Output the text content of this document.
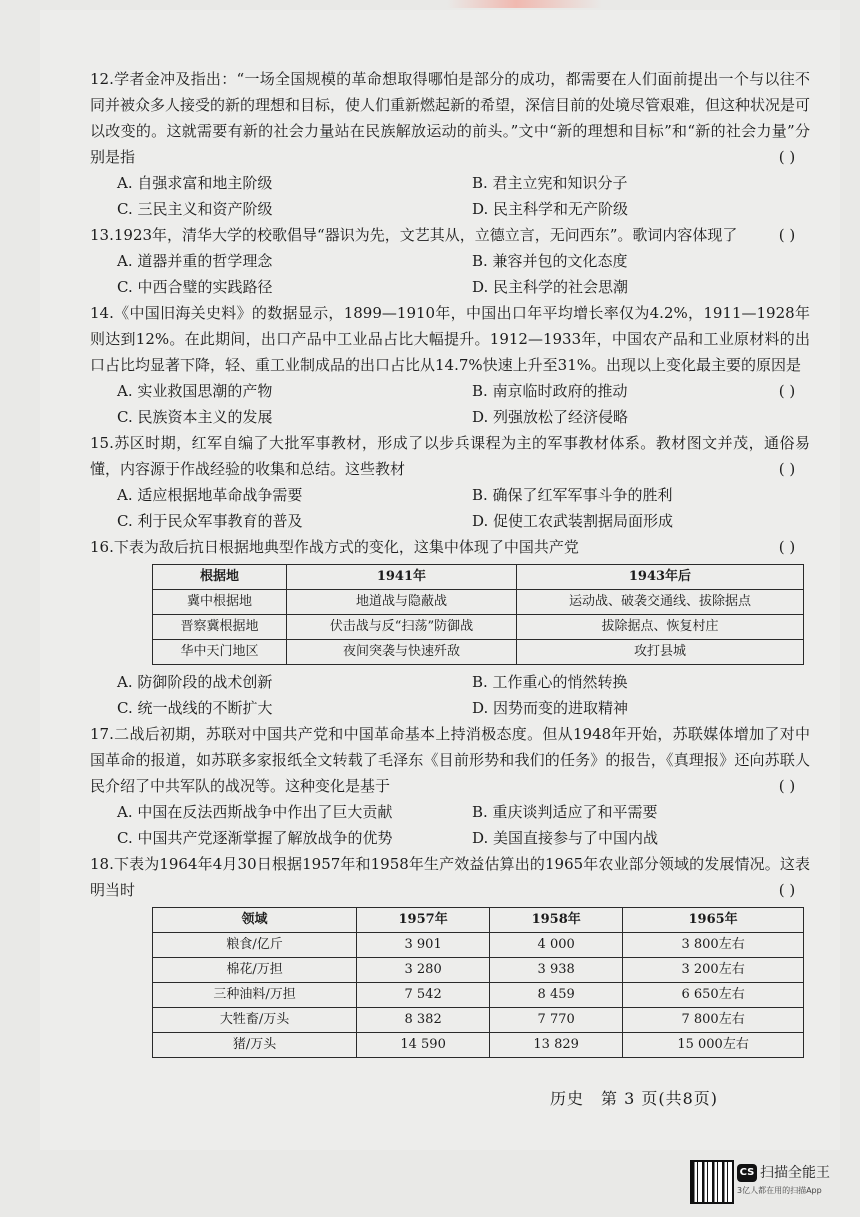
12.学者金冲及指出：“一场全国规模的革命想取得哪怕是部分的成功，都需要在人们面前提出一个与以往不同并被众多人接受的新的理想和目标，使人们重新燃起新的希望，深信目前的处境尽管艰难，但这种状况是可以改变的。这就需要有新的社会力量站在民族解放运动的前头。”文中“新的理想和目标”和“新的社会力量”分别是指	( )
A. 自强求富和地主阶级	B. 君主立宪和知识分子
C. 三民主义和资产阶级	D. 民主科学和无产阶级
13.1923年，清华大学的校歌倡导“器识为先，文艺其从，立德立言，无问西东”。歌词内容体现了	( )
A. 道器并重的哲学理念	B. 兼容并包的文化态度
C. 中西合璧的实践路径	D. 民主科学的社会思潮
14.《中国旧海关史料》的数据显示，1899—1910年，中国出口年平均增长率仅为4.2%，1911—1928年则达到12%。在此期间，出口产品中工业品占比大幅提升。1912—1933年，中国农产品和工业原材料的出口占比均显著下降，轻、重工业制成品的出口占比从14.7%快速上升至31%。出现以上变化最主要的原因是
( )
A. 实业救国思潮的产物	B. 南京临时政府的推动
C. 民族资本主义的发展	D. 列强放松了经济侵略
15.苏区时期，红军自编了大批军事教材，形成了以步兵课程为主的军事教材体系。教材图文并茂，通俗易懂，内容源于作战经验的收集和总结。这些教材	( )
A. 适应根据地革命战争需要	B. 确保了红军军事斗争的胜利
C. 利于民众军事教育的普及	D. 促使工农武装割据局面形成
16.下表为敌后抗日根据地典型作战方式的变化，这集中体现了中国共产党	( )
根据地	1941年	1943年后
冀中根据地	地道战与隐蔽战	运动战、破袭交通线、拔除据点
晋察冀根据地	伏击战与反“扫荡”防御战	拔除据点、恢复村庄
华中天门地区	夜间突袭与快速歼敌	攻打县城
A. 防御阶段的战术创新	B. 工作重心的悄然转换
C. 统一战线的不断扩大	D. 因势而变的进取精神
17.二战后初期，苏联对中国共产党和中国革命基本上持消极态度。但从1948年开始，苏联媒体增加了对中国革命的报道，如苏联多家报纸全文转载了毛泽东《目前形势和我们的任务》的报告，《真理报》还向苏联人民介绍了中共军队的战况等。这种变化是基于	( )
A. 中国在反法西斯战争中作出了巨大贡献	B. 重庆谈判适应了和平需要
C. 中国共产党逐渐掌握了解放战争的优势	D. 美国直接参与了中国内战
18.下表为1964年4月30日根据1957年和1958年生产效益估算出的1965年农业部分领域的发展情况。这表明当时	( )
领域	1957年	1958年	1965年
粮食/亿斤	3 901	4 000	3 800左右
棉花/万担	3 280	3 938	3 200左右
三种油料/万担	7 542	8 459	6 650左右
大牲畜/万头	8 382	7 770	7 800左右
猪/万头	14 590	13 829	15 000左右
历史　第 3 页(共8页)
CS 扫描全能王
3亿人都在用的扫描App
